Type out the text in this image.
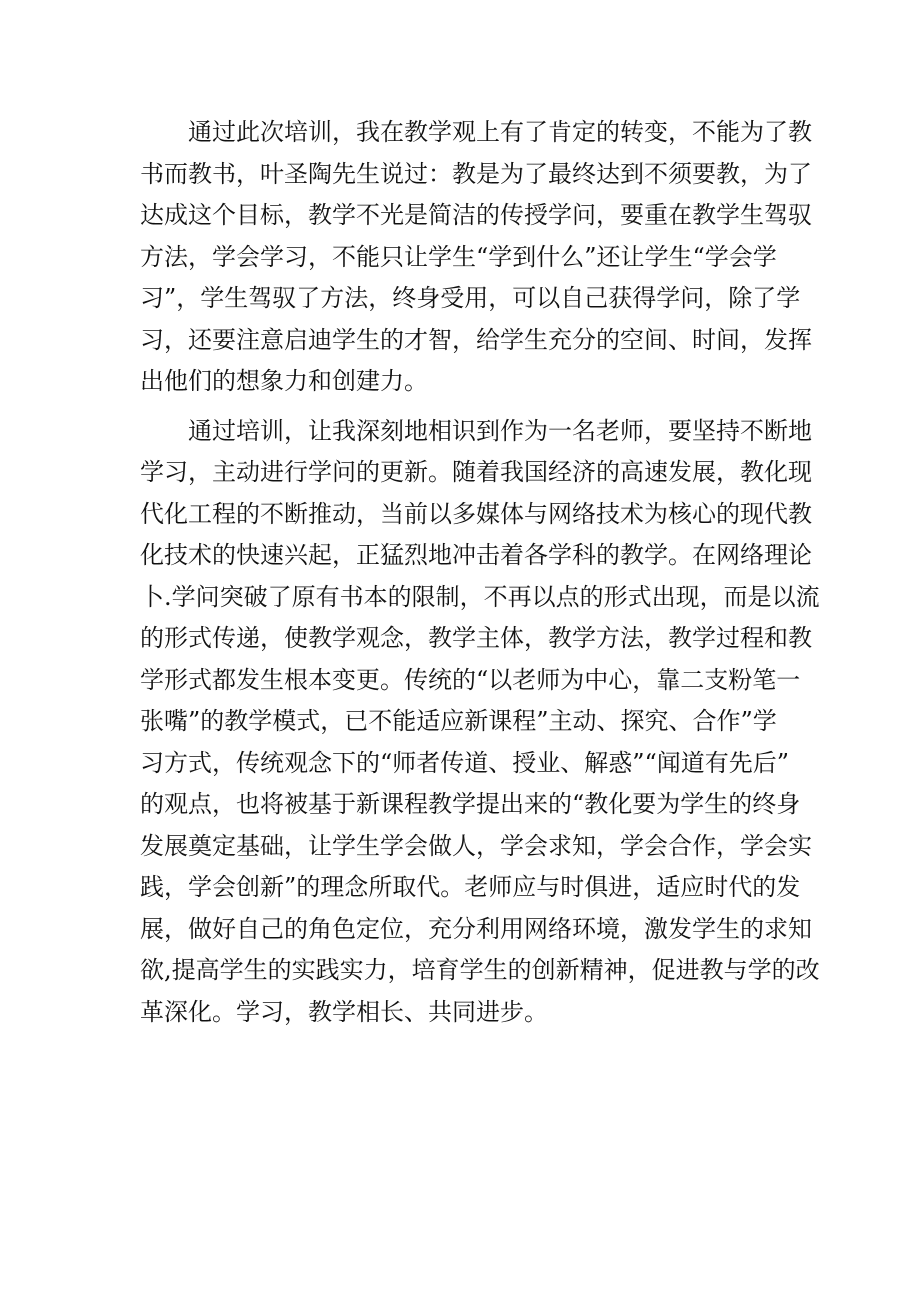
　　通过此次培训，我在教学观上有了肯定的转变，不能为了教
书而教书，叶圣陶先生说过：教是为了最终达到不须要教，为了
达成这个目标，教学不光是简洁的传授学问，要重在教学生驾驭
方法，学会学习，不能只让学生“学到什么”还让学生“学会学
习”，学生驾驭了方法，终身受用，可以自己获得学问，除了学
习，还要注意启迪学生的才智，给学生充分的空间、时间，发挥
出他们的想象力和创建力。
　　通过培训，让我深刻地相识到作为一名老师，要坚持不断地
学习，主动进行学问的更新。随着我国经济的高速发展，教化现
代化工程的不断推动，当前以多媒体与网络技术为核心的现代教
化技术的快速兴起，正猛烈地冲击着各学科的教学。在网络理论
卜.学问突破了原有书本的限制，不再以点的形式出现，而是以流
的形式传递，使教学观念，教学主体，教学方法，教学过程和教
学形式都发生根本变更。传统的“以老师为中心，靠二支粉笔一
张嘴”的教学模式，已不能适应新课程”主动、探究、合作”学
习方式，传统观念下的“师者传道、授业、解惑”“闻道有先后”
的观点，也将被基于新课程教学提出来的“教化要为学生的终身
发展奠定基础，让学生学会做人，学会求知，学会合作，学会实
践，学会创新”的理念所取代。老师应与时俱进，适应时代的发
展，做好自己的角色定位，充分利用网络环境，激发学生的求知
欲,提高学生的实践实力，培育学生的创新精神，促进教与学的改
革深化。学习，教学相长、共同进步。
